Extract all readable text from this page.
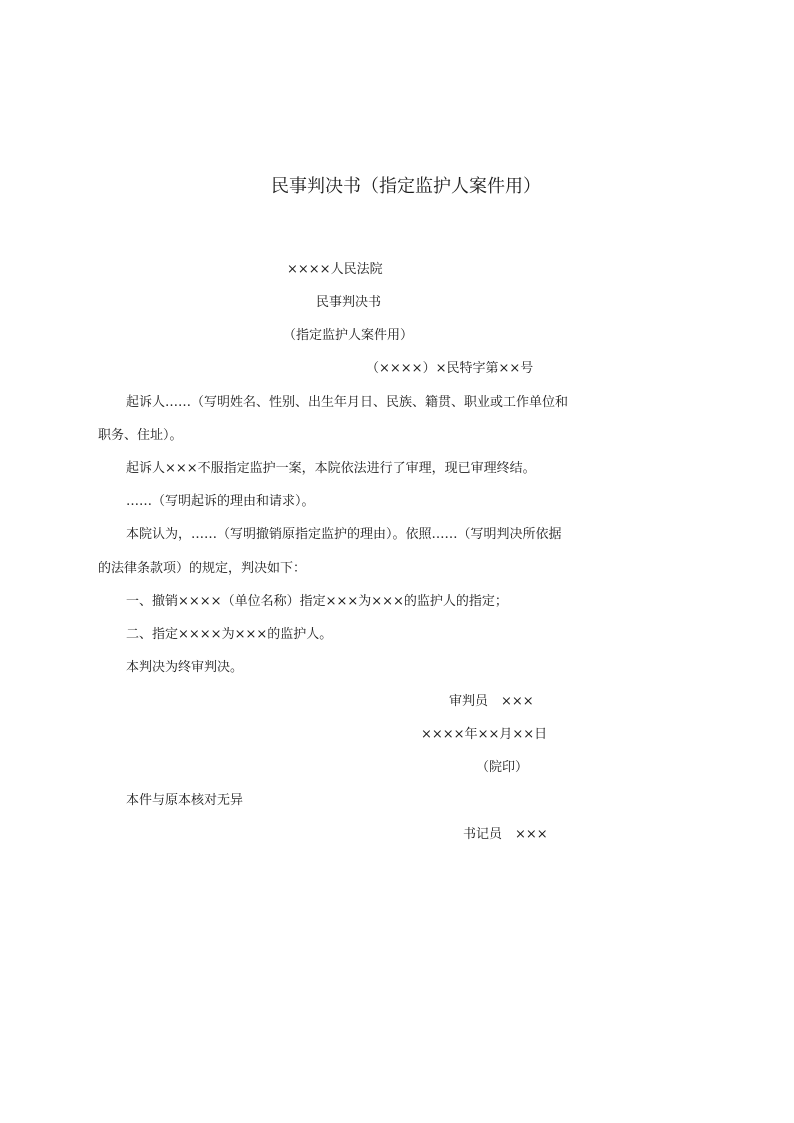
民事判决书（指定监护人案件用）

××××人民法院

民事判决书

（指定监护人案件用）

（××××）×民特字第××号

起诉人……（写明姓名、性别、出生年月日、民族、籍贯、职业或工作单位和

职务、住址）。

起诉人×××不服指定监护一案，本院依法进行了审理，现已审理终结。

……（写明起诉的理由和请求）。

本院认为，……（写明撤销原指定监护的理由）。依照……（写明判决所依据

的法律条款项）的规定，判决如下：

一、撤销××××（单位名称）指定×××为×××的监护人的指定；

二、指定××××为×××的监护人。

本判决为终审判决。

审判员　×××

××××年××月××日

（院印）

本件与原本核对无异

书记员　×××
